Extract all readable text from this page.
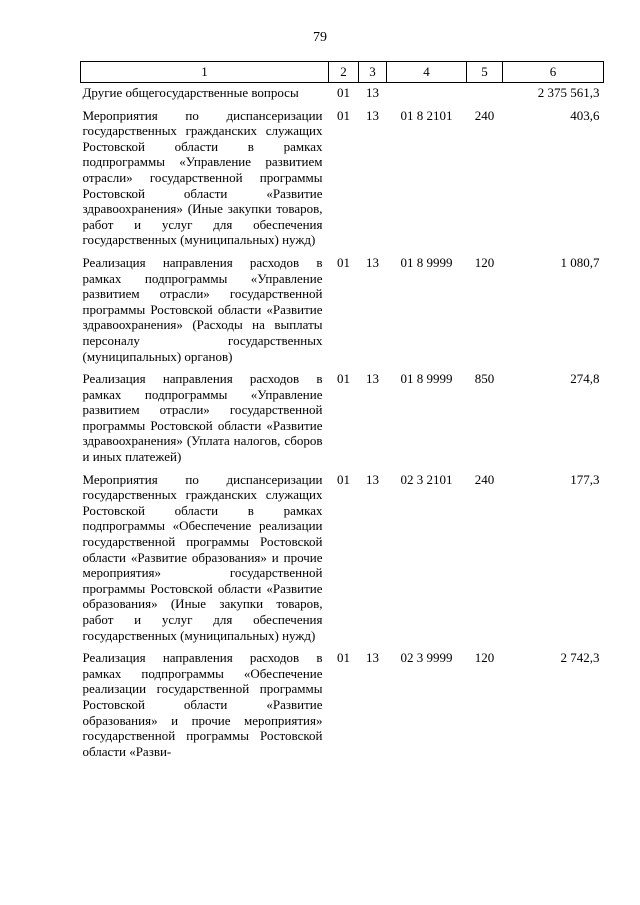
79
1	2	3	4	5	6
Другие общегосударственные вопросы	01	13			2 375 561,3
Мероприятия по диспансеризации государственных гражданских служащих Ростовской области в рамках подпрограммы «Управление развитием отрасли» государственной программы Ростовской области «Развитие здравоохранения» (Иные закупки товаров, работ и услуг для обеспечения государственных (муниципальных) нужд)	01	13	01 8 2101	240	403,6
Реализация направления расходов в рамках подпрограммы «Управление развитием отрасли» государственной программы Ростовской области «Развитие здравоохранения» (Расходы на выплаты персоналу государственных (муниципальных) органов)	01	13	01 8 9999	120	1 080,7
Реализация направления расходов в рамках подпрограммы «Управление развитием отрасли» государственной программы Ростовской области «Развитие здравоохранения» (Уплата налогов, сборов и иных платежей)	01	13	01 8 9999	850	274,8
Мероприятия по диспансеризации государственных гражданских служащих Ростовской области в рамках подпрограммы «Обеспечение реализации государственной программы Ростовской области «Развитие образования» и прочие мероприятия» государственной программы Ростовской области «Развитие образования» (Иные закупки товаров, работ и услуг для обеспечения государственных (муниципальных) нужд)	01	13	02 3 2101	240	177,3
Реализация направления расходов в рамках подпрограммы «Обеспечение реализации государственной программы Ростовской области «Развитие образования» и прочие мероприятия» государственной программы Ростовской области «Разви-	01	13	02 3 9999	120	2 742,3
